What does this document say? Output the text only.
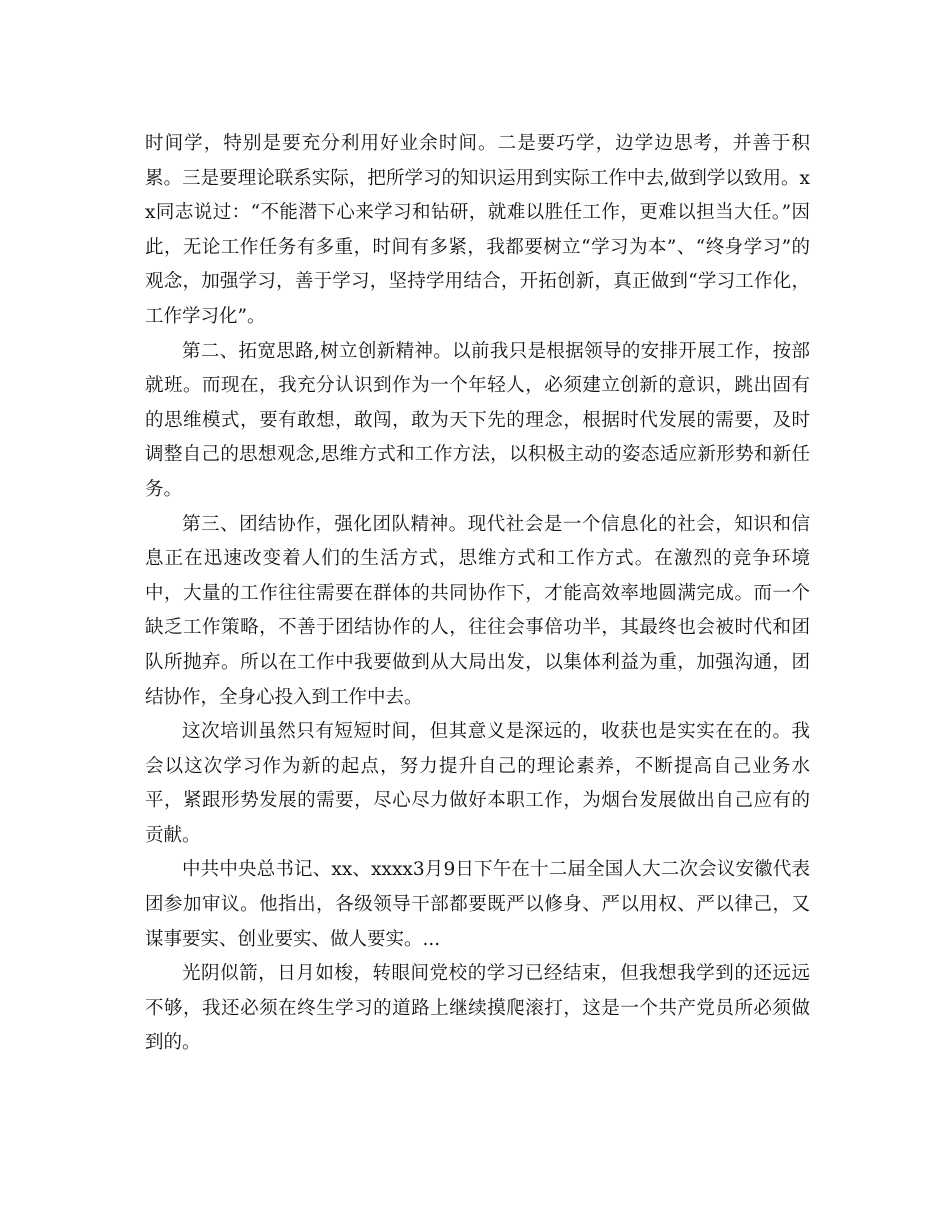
时间学，特别是要充分利用好业余时间。二是要巧学，边学边思考，并善于积累。三是要理论联系实际，把所学习的知识运用到实际工作中去,做到学以致用。xx同志说过：“不能潜下心来学习和钻研，就难以胜任工作，更难以担当大任。”因此，无论工作任务有多重，时间有多紧，我都要树立“学习为本”、“终身学习”的观念，加强学习，善于学习，坚持学用结合，开拓创新，真正做到“学习工作化，工作学习化”。

第二、拓宽思路,树立创新精神。以前我只是根据领导的安排开展工作，按部就班。而现在，我充分认识到作为一个年轻人，必须建立创新的意识，跳出固有的思维模式，要有敢想，敢闯，敢为天下先的理念，根据时代发展的需要，及时调整自己的思想观念,思维方式和工作方法，以积极主动的姿态适应新形势和新任务。

第三、团结协作，强化团队精神。现代社会是一个信息化的社会，知识和信息正在迅速改变着人们的生活方式，思维方式和工作方式。在激烈的竞争环境中，大量的工作往往需要在群体的共同协作下，才能高效率地圆满完成。而一个缺乏工作策略，不善于团结协作的人，往往会事倍功半，其最终也会被时代和团队所抛弃。所以在工作中我要做到从大局出发，以集体利益为重，加强沟通，团结协作，全身心投入到工作中去。

这次培训虽然只有短短时间，但其意义是深远的，收获也是实实在在的。我会以这次学习作为新的起点，努力提升自己的理论素养，不断提高自己业务水平，紧跟形势发展的需要，尽心尽力做好本职工作，为烟台发展做出自己应有的贡献。

中共中央总书记、xx、xxxx3月9日下午在十二届全国人大二次会议安徽代表团参加审议。他指出，各级领导干部都要既严以修身、严以用权、严以律己，又谋事要实、创业要实、做人要实。...

光阴似箭，日月如梭，转眼间党校的学习已经结束，但我想我学到的还远远不够，我还必须在终生学习的道路上继续摸爬滚打，这是一个共产党员所必须做到的。
